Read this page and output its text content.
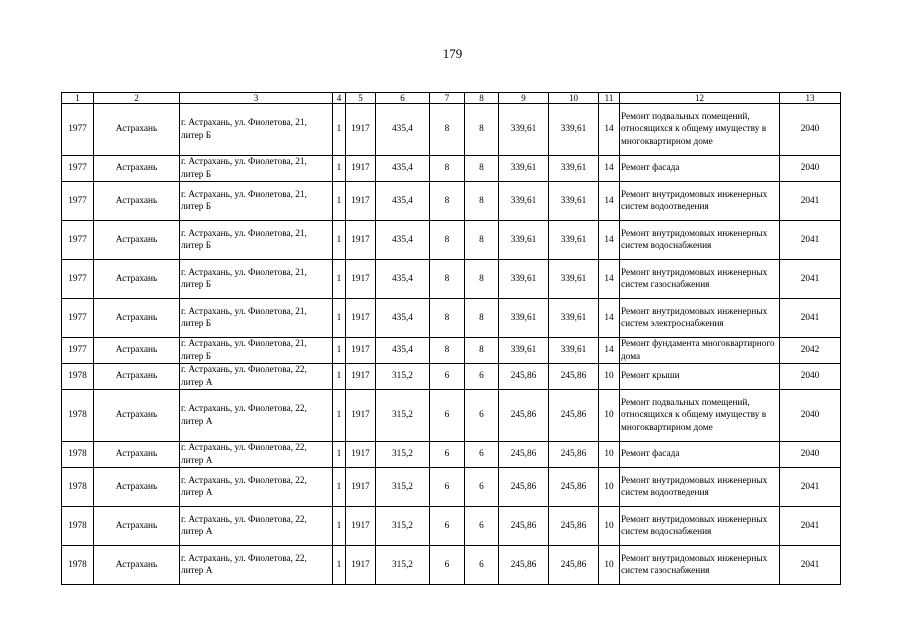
179
1	2	3	4	5	6	7	8	9	10	11	12	13
1977	Астрахань	г. Астрахань, ул. Фиолетова, 21, литер Б	1	1917	435,4	8	8	339,61	339,61	14	Ремонт подвальных помещений, относящихся к общему имуществу в многоквартирном доме	2040
1977	Астрахань	г. Астрахань, ул. Фиолетова, 21, литер Б	1	1917	435,4	8	8	339,61	339,61	14	Ремонт фасада	2040
1977	Астрахань	г. Астрахань, ул. Фиолетова, 21, литер Б	1	1917	435,4	8	8	339,61	339,61	14	Ремонт внутридомовых инженерных систем водоотведения	2041
1977	Астрахань	г. Астрахань, ул. Фиолетова, 21, литер Б	1	1917	435,4	8	8	339,61	339,61	14	Ремонт внутридомовых инженерных систем водоснабжения	2041
1977	Астрахань	г. Астрахань, ул. Фиолетова, 21, литер Б	1	1917	435,4	8	8	339,61	339,61	14	Ремонт внутридомовых инженерных систем газоснабжения	2041
1977	Астрахань	г. Астрахань, ул. Фиолетова, 21, литер Б	1	1917	435,4	8	8	339,61	339,61	14	Ремонт внутридомовых инженерных систем электроснабжения	2041
1977	Астрахань	г. Астрахань, ул. Фиолетова, 21, литер Б	1	1917	435,4	8	8	339,61	339,61	14	Ремонт фундамента многоквартирного дома	2042
1978	Астрахань	г. Астрахань, ул. Фиолетова, 22, литер А	1	1917	315,2	6	6	245,86	245,86	10	Ремонт крыши	2040
1978	Астрахань	г. Астрахань, ул. Фиолетова, 22, литер А	1	1917	315,2	6	6	245,86	245,86	10	Ремонт подвальных помещений, относящихся к общему имуществу в многоквартирном доме	2040
1978	Астрахань	г. Астрахань, ул. Фиолетова, 22, литер А	1	1917	315,2	6	6	245,86	245,86	10	Ремонт фасада	2040
1978	Астрахань	г. Астрахань, ул. Фиолетова, 22, литер А	1	1917	315,2	6	6	245,86	245,86	10	Ремонт внутридомовых инженерных систем водоотведения	2041
1978	Астрахань	г. Астрахань, ул. Фиолетова, 22, литер А	1	1917	315,2	6	6	245,86	245,86	10	Ремонт внутридомовых инженерных систем водоснабжения	2041
1978	Астрахань	г. Астрахань, ул. Фиолетова, 22, литер А	1	1917	315,2	6	6	245,86	245,86	10	Ремонт внутридомовых инженерных систем газоснабжения	2041
